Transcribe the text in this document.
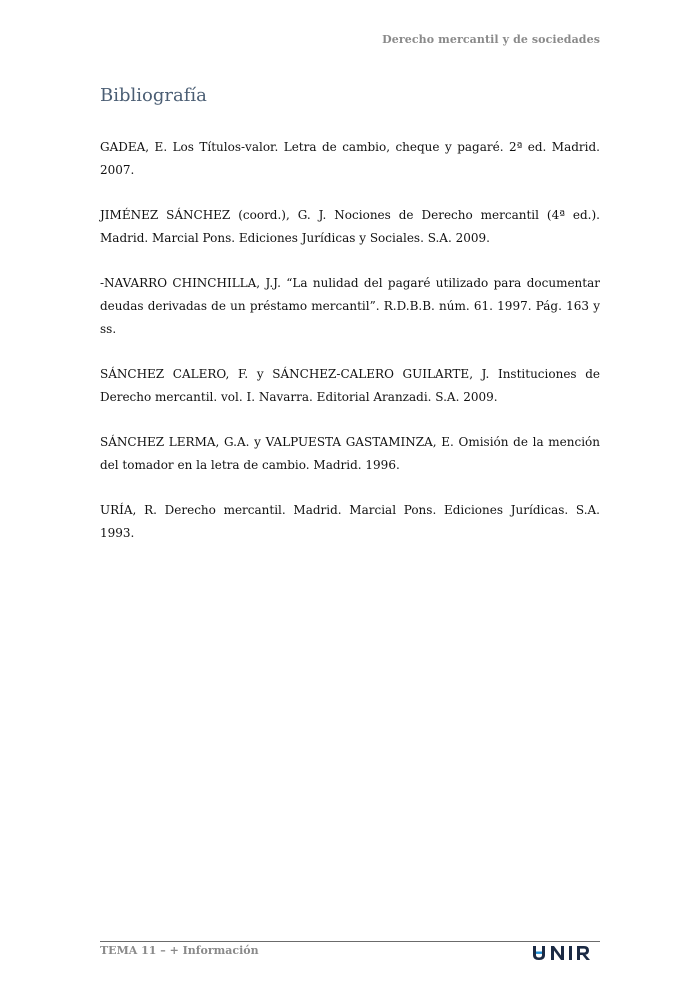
Derecho mercantil y de sociedades
Bibliografía
GADEA, E. Los Títulos-valor. Letra de cambio, cheque y pagaré. 2ª ed. Madrid. 2007.
JIMÉNEZ SÁNCHEZ (coord.), G. J. Nociones de Derecho mercantil (4ª ed.). Madrid. Marcial Pons. Ediciones Jurídicas y Sociales. S.A. 2009.
-NAVARRO CHINCHILLA, J.J. “La nulidad del pagaré utilizado para documentar deudas derivadas de un préstamo mercantil”. R.D.B.B. núm. 61. 1997. Pág. 163 y ss.
SÁNCHEZ CALERO, F. y SÁNCHEZ-CALERO GUILARTE, J. Instituciones de Derecho mercantil. vol. I. Navarra. Editorial Aranzadi. S.A. 2009.
SÁNCHEZ LERMA, G.A. y VALPUESTA GASTAMINZA, E. Omisión de la mención del tomador en la letra de cambio. Madrid. 1996.
URÍA, R. Derecho mercantil. Madrid. Marcial Pons. Ediciones Jurídicas. S.A. 1993.
TEMA 11 – + Información
